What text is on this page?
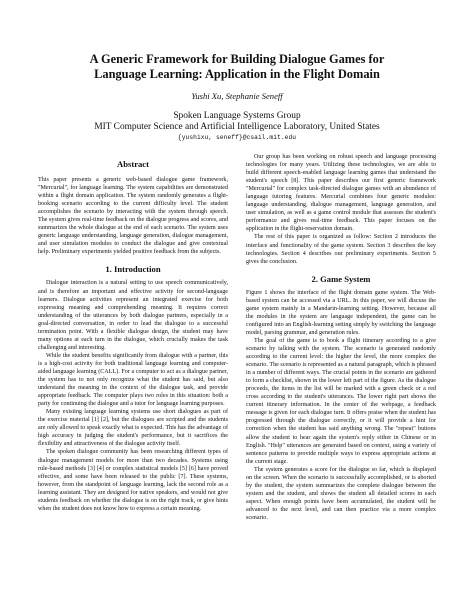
A Generic Framework for Building Dialogue Games for
Language Learning: Application in the Flight Domain
Yushi Xu, Stephanie Seneff
Spoken Language Systems Group
MIT Computer Science and Artificial Intelligence Laboratory, United States
{yushixu, seneff}@csail.mit.edu
Abstract

This paper presents a generic web-based dialogue game framework, "Mercurial", for language learning. The system capabilities are demonstrated within a flight domain application. The system randomly generates a flight-booking scenario according to the current difficulty level. The student accomplishes the scenario by interacting with the system through speech. The system gives real-time feedback on the dialogue progress and scores, and summarizes the whole dialogue at the end of each scenario. The system uses generic language understanding, language generation, dialogue management, and user simulation modules to conduct the dialogue and give contextual help. Preliminary experiments yielded positive feedback from the subjects.

1. Introduction

Dialogue interaction is a natural setting to use speech communicatively, and is therefore an important and effective activity for second-language learners. Dialogue activities represent an integrated exercise for both expressing meaning and comprehending meaning. It requires correct understanding of the utterances by both dialogue partners, especially in a goal-directed conversation, in order to lead the dialogue to a successful termination point. With a flexible dialogue design, the student may have many options at each turn in the dialogue, which crucially makes the task challenging and interesting.

While the student benefits significantly from dialogue with a partner, this is a high-cost activity for both traditional language learning and computer-aided language learning (CALL). For a computer to act as a dialogue partner, the system has to not only recognize what the student has said, but also understand the meaning in the context of the dialogue task, and provide appropriate feedback. The computer plays two roles in this situation: both a party for continuing the dialogue and a tutor for language learning purposes.

Many existing language learning systems use short dialogues as part of the exercise material [1] [2], but the dialogues are scripted and the students are only allowed to speak exactly what is expected. This has the advantage of high accuracy in judging the student's performance, but it sacrifices the flexibility and attractiveness of the dialogue activity itself.

The spoken dialogue community has been researching different types of dialogue management models for more than two decades. Systems using rule-based methods [3] [4] or complex statistical models [5] [6] have proved effective, and some have been released to the public [7]. These systems, however, from the standpoint of language learning, lack the second role as a learning assistant. They are designed for native speakers, and would not give students feedback on whether the dialogue is on the right track, or give hints when the student does not know how to express a certain meaning.

Our group has been working on robust speech and language processing technologies for many years. Utilizing these technologies, we are able to build different speech-enabled language learning games that understand the student's speech [8]. This paper describes our first generic framework "Mercurial" for complex task-directed dialogue games with an abundance of language tutoring features. Mercurial combines four generic modules: language understanding, dialogue management, language generation, and user simulation, as well as a game control module that assesses the student's performance and gives real-time feedback. This paper focuses on the application in the flight-reservation domain.

The rest of this paper is organized as follow: Section 2 introduces the interface and functionality of the game system. Section 3 describes the key technologies. Section 4 describes our preliminary experiments. Section 5 gives the conclusion.

2. Game System

Figure 1 shows the interface of the flight domain game system. The Web-based system can be accessed via a URL. In this paper, we will discuss the game system mainly in a Mandarin-learning setting. However, because all the modules in the system are language independent, the game can be configured into an English-learning setting simply by switching the language model, parsing grammar, and generation rules.

The goal of the game is to book a flight itinerary according to a give scenario by talking with the system. The scenario is generated randomly according to the current level: the higher the level, the more complex the scenario. The scenario is represented as a natural paragraph, which is phrased in a number of different ways. The crucial points in the scenario are gathered to form a checklist, shown in the lower left part of the figure. As the dialogue proceeds, the items in the list will be marked with a green check or a red cross according to the student's utterances. The lower right part shows the current itinerary information. In the center of the webpage, a feedback message is given for each dialogue turn. It offers praise when the student has progressed through the dialogue correctly, or it will provide a hint for correction when the student has said anything wrong. The "repeat" buttons allow the student to hear again the system's reply either in Chinese or in English. "Help" utterances are generated based on context, using a variety of sentence patterns to provide multiple ways to express appropriate actions at the current stage.

The system generates a score for the dialogue so far, which is displayed on the screen. When the scenario is successfully accomplished, or is aborted by the student, the system summarizes the complete dialogue between the system and the student, and shows the student all detailed scores in each aspect. When enough points have been accumulated, the student will be advanced to the next level, and can then practice via a more complex scenario.
